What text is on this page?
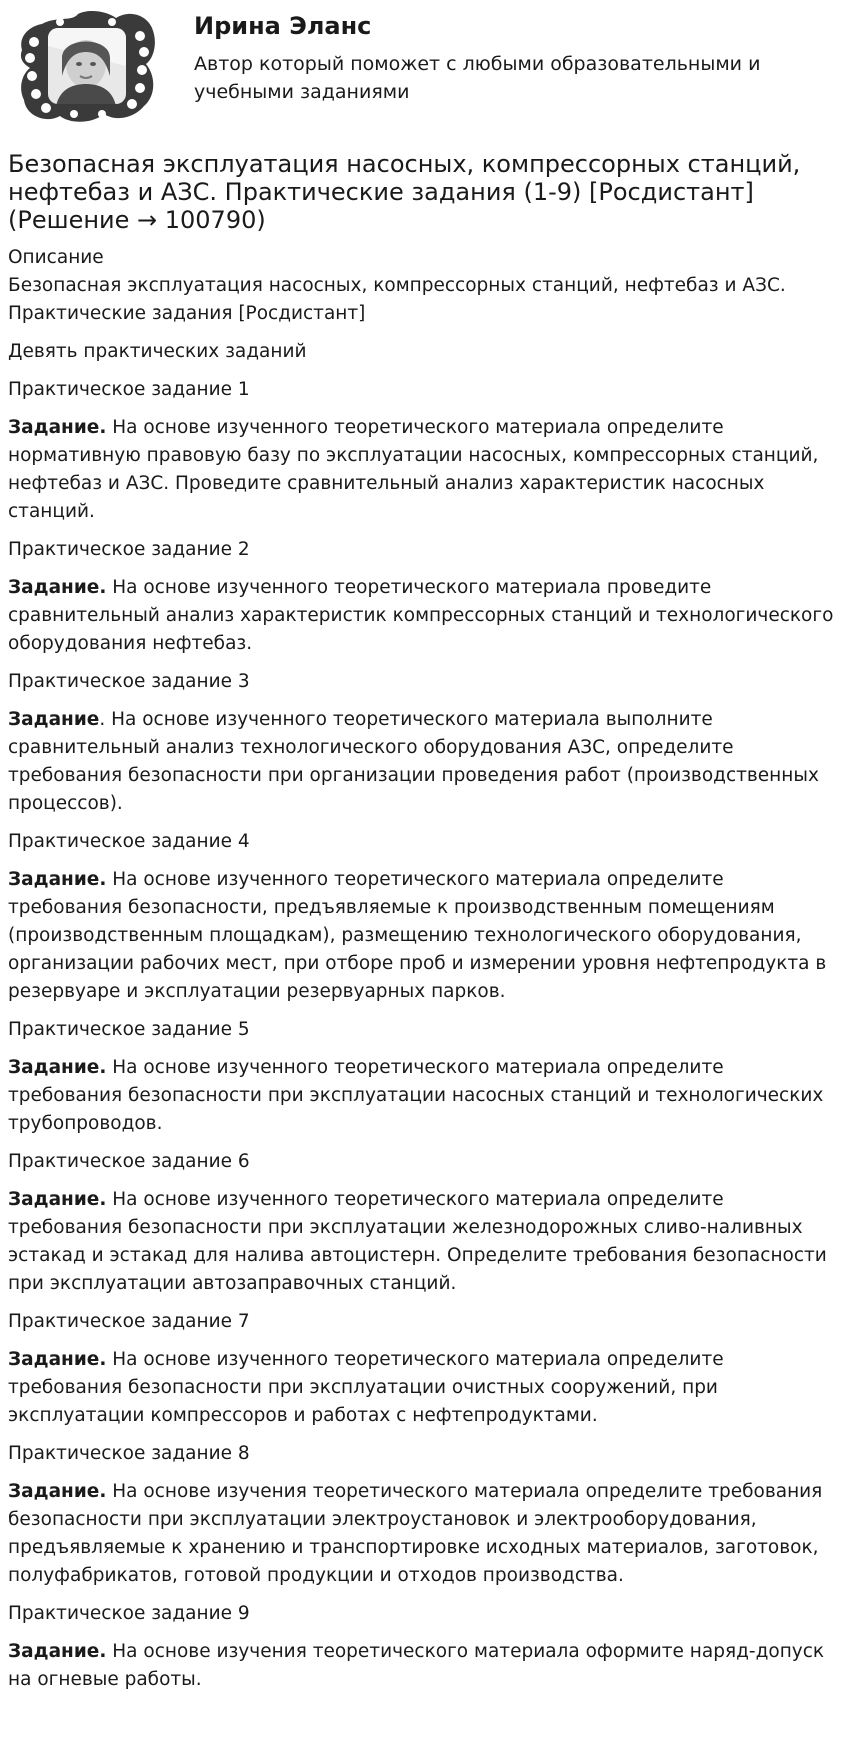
Ирина Эланс

Автор который поможет с любыми образовательными и учебными заданиями

Безопасная эксплуатация насосных, компрессорных станций, нефтебаз и АЗС. Практические задания (1-9) [Росдистант] (Решение → 100790)

Описание

Безопасная эксплуатация насосных, компрессорных станций, нефтебаз и АЗС. Практические задания [Росдистант]

Девять практических заданий

Практическое задание 1

Задание. На основе изученного теоретического материала определите нормативную правовую базу по эксплуатации насосных, компрессорных станций, нефтебаз и АЗС. Проведите сравнительный анализ характеристик насосных станций.

Практическое задание 2

Задание. На основе изученного теоретического материала проведите сравнительный анализ характеристик компрессорных станций и технологического оборудования нефтебаз.

Практическое задание 3

Задание. На основе изученного теоретического материала выполните сравнительный анализ технологического оборудования АЗС, определите требования безопасности при организации проведения работ (производственных процессов).

Практическое задание 4

Задание. На основе изученного теоретического материала определите требования безопасности, предъявляемые к производственным помещениям (производственным площадкам), размещению технологического оборудования, организации рабочих мест, при отборе проб и измерении уровня нефтепродукта в резервуаре и эксплуатации резервуарных парков.

Практическое задание 5

Задание. На основе изученного теоретического материала определите требования безопасности при эксплуатации насосных станций и технологических трубопроводов.

Практическое задание 6

Задание. На основе изученного теоретического материала определите требования безопасности при эксплуатации железнодорожных сливо-наливных эстакад и эстакад для налива автоцистерн. Определите требования безопасности при эксплуатации автозаправочных станций.

Практическое задание 7

Задание. На основе изученного теоретического материала определите требования безопасности при эксплуатации очистных сооружений, при эксплуатации компрессоров и работах с нефтепродуктами.

Практическое задание 8

Задание. На основе изучения теоретического материала определите требования безопасности при эксплуатации электроустановок и электрооборудования, предъявляемые к хранению и транспортировке исходных материалов, заготовок, полуфабрикатов, готовой продукции и отходов производства.

Практическое задание 9

Задание. На основе изучения теоретического материала оформите наряд-допуск на огневые работы.
